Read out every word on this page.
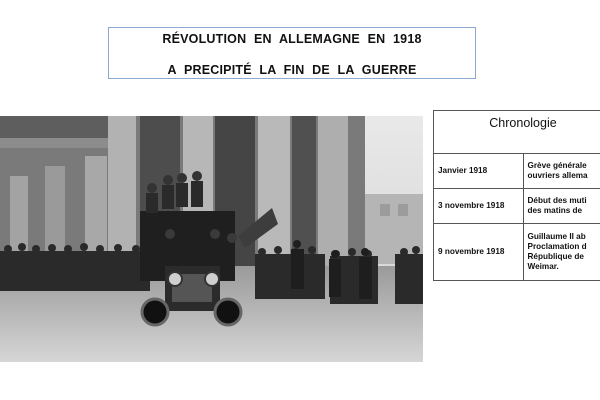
RÉVOLUTION EN ALLEMAGNE EN 1918
A PRECIPITÉ LA FIN DE LA GUERRE
Chronologie	
Janvier 1918	Grève générale
ouvriers allema

3 novembre 1918	Début des muti
des matins de

9 novembre 1918	Guillaume II ab
Proclamation d
République de
Weimar.
